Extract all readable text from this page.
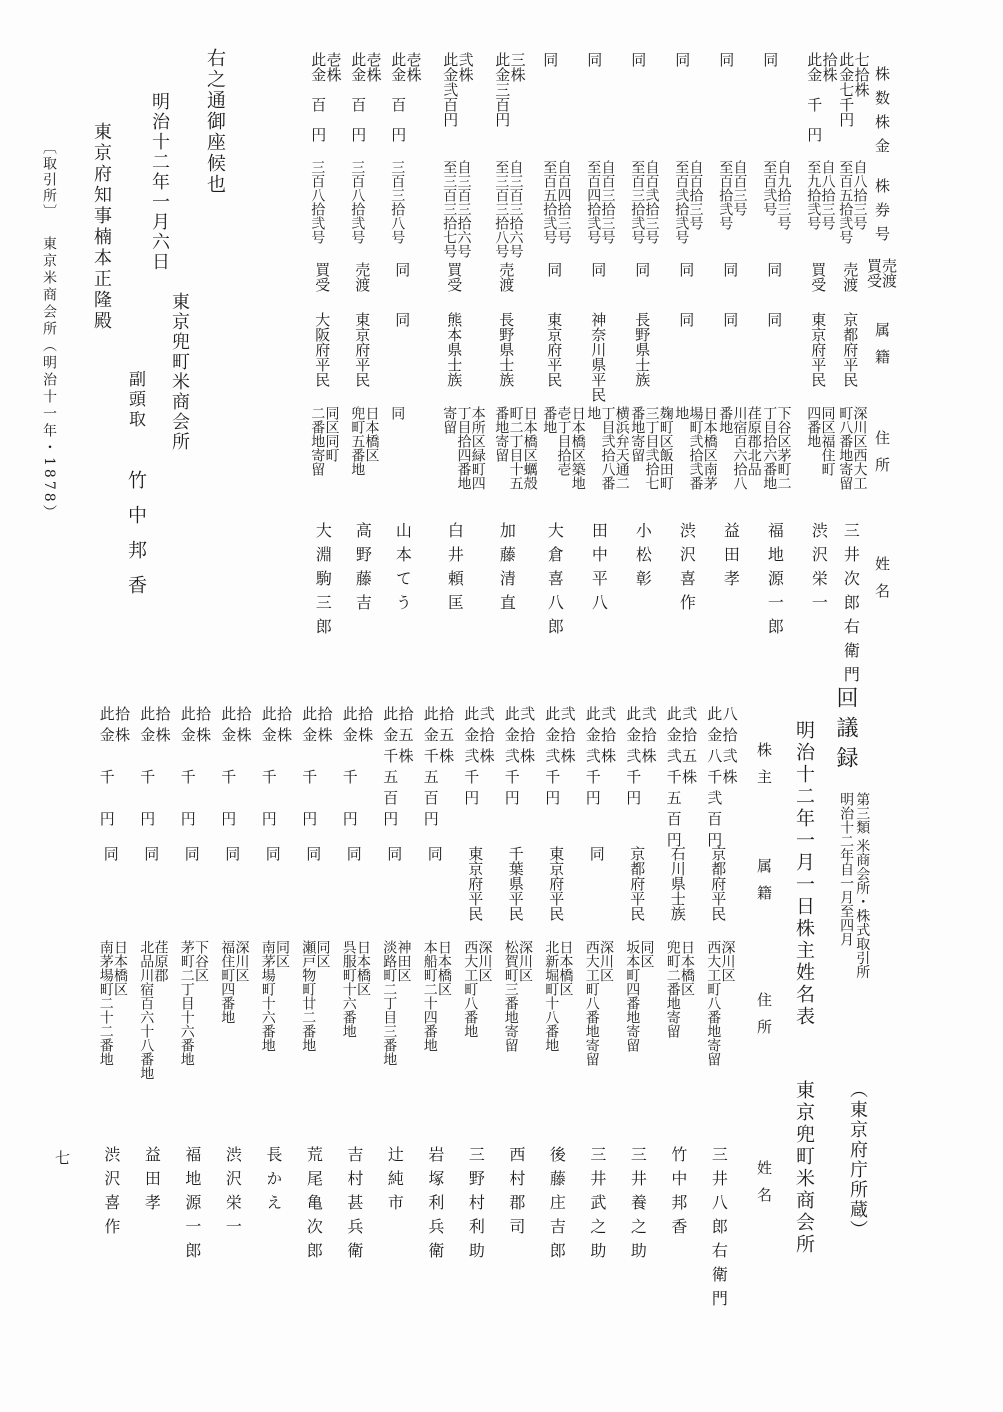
株数株金
株券号
売渡
買受
属籍
住所
姓名
七拾株
此金七千円
自八拾三号
至百五拾弐号
売渡
京都府平民
深川区西大工
町八番地寄留
三井次郎右衛門
拾株
此金　千　円
自八拾三号
至九拾弐号
買受
東京府平民
同区福住町
四番地
渋沢栄一
同
自九拾三号
至百弐号
同
同
下谷区茅町二
丁目拾六番地
福地源一郎
同
自百三号
至百拾弐号
同
同
荏原郡北品
川宿百六拾八
番地
益田孝
同
自百拾三号
至百弐拾弐号
同
同
日本橋区南茅
場町弐拾弐番
地
渋沢喜作
同
自百弐拾三号
至百三拾弐号
同
長野県士族
麹町区飯田町
三丁目弐拾七
番地寄留
小松彰
同
自百三拾三号
至百四拾弐号
同
神奈川県平民
横浜弁天通二
丁目弐拾八番
地
田中平八
同
自百四拾三号
至百五拾弐号
同
東京府平民
日本橋区築地
壱丁目拾壱
番地
大倉喜八郎
三株
此金三百円
自三百三拾六号
至三百三拾八号
売渡
長野県士族
日本橋区蠣殻
町二丁目十五
番地寄留
加藤清直
弐株
此金弐百円
自三百三拾六号
至三百三拾七号
買受
熊本県士族
本所区緑町四
丁目拾四番地
寄留
白井頼匡
壱株
此金　百　円
三百三拾八号
同
同
同
山本てう
壱株
此金　百　円
三百八拾弐号
売渡
東京府平民
日本橋区
兜町五番地
高野藤吉
壱株
此金　百　円
三百八拾弐号
買受
大阪府平民
同区同町
二番地寄留
大淵駒三郎
右之通御座候也
明治十二年一月六日
東京兜町米商会所
副頭取
竹中邦香
東京府知事楠本正隆殿
〔取引所〕
東京米商会所（明治十一年・1878）
回議録
第三類 米商会所・株式取引所
明治十二年自一月至四月
（東京府庁所蔵）
明治十二年一月一日株主姓名表
東京兜町米商会所
株主
属籍
住所
姓名
八拾弐株
此金八千弐百円
京都府平民
深川区
西大工町八番地寄留
三井八郎右衛門
弐拾五株
此金弐千五百円
石川県士族
日本橋区
兜町二番地寄留
竹中邦香
弐拾株
此金弐千円
京都府平民
同区
坂本町四番地寄留
三井養之助
弐拾株
此金弐千円
同
深川区
西大工町八番地寄留
三井武之助
弐拾株
此金弐千円
東京府平民
日本橋区
北新堀町十八番地
後藤庄吉郎
弐拾株
此金弐千円
千葉県平民
深川区
松賀町三番地寄留
西村郡司
弐拾株
此金弐千円
東京府平民
深川区
西大工町八番地
三野村利助
拾五株
此金千五百円
同
日本橋区
本船町二十四番地
岩塚利兵衛
拾五株
此金千五百円
同
神田区
淡路町二丁目三番地
辻純市
拾株
此金　千　円
同
日本橋区
呉服町十六番地
吉村甚兵衛
拾株
此金　千　円
同
同区
瀬戸物町廿二番地
荒尾亀次郎
拾株
此金　千　円
同
同区
南茅場町十六番地
長かえ
拾株
此金　千　円
同
深川区
福住町四番地
渋沢栄一
拾株
此金　千　円
同
下谷区
茅町二丁目十六番地
福地源一郎
拾株
此金　千　円
同
荏原郡
北品川宿百六十八番地
益田孝
拾株
此金　千　円
同
日本橋区
南茅場町二十二番地
渋沢喜作
七
